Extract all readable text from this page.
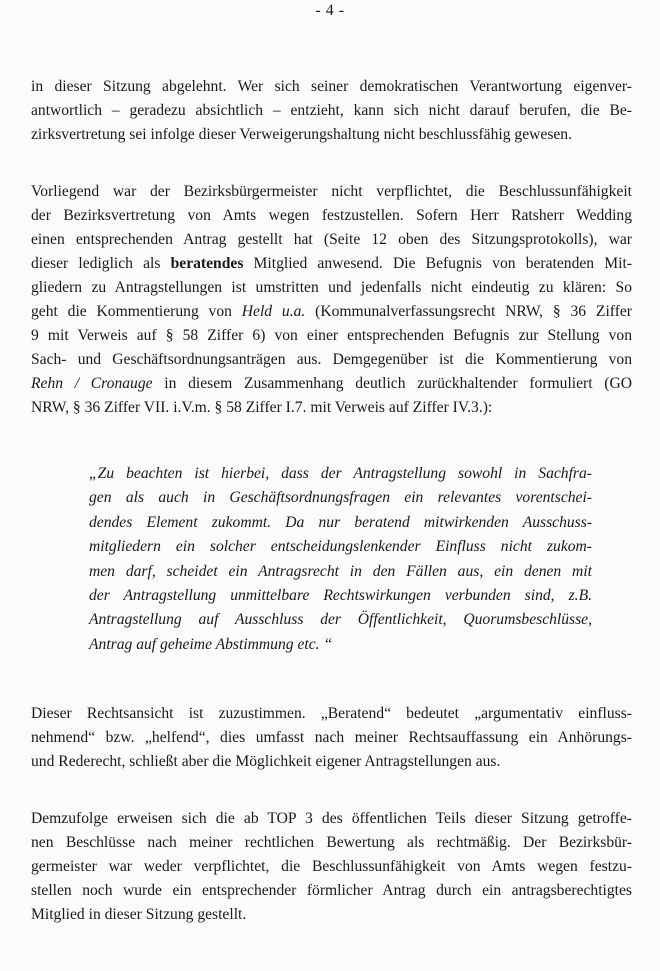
- 4 -
in dieser Sitzung abgelehnt. Wer sich seiner demokratischen Verantwortung eigenver-
antwortlich – geradezu absichtlich – entzieht, kann sich nicht darauf berufen, die Be-
zirksvertretung sei infolge dieser Verweigerungshaltung nicht beschlussfähig gewesen.
Vorliegend war der Bezirksbürgermeister nicht verpflichtet, die Beschlussunfähigkeit
der Bezirksvertretung von Amts wegen festzustellen. Sofern Herr Ratsherr Wedding
einen entsprechenden Antrag gestellt hat (Seite 12 oben des Sitzungsprotokolls), war
dieser lediglich als beratendes Mitglied anwesend. Die Befugnis von beratenden Mit-
gliedern zu Antragstellungen ist umstritten und jedenfalls nicht eindeutig zu klären: So
geht die Kommentierung von Held u.a. (Kommunalverfassungsrecht NRW, § 36 Ziffer
9 mit Verweis auf § 58 Ziffer 6) von einer entsprechenden Befugnis zur Stellung von
Sach- und Geschäftsordnungsanträgen aus. Demgegenüber ist die Kommentierung von
Rehn / Cronauge in diesem Zusammenhang deutlich zurückhaltender formuliert (GO
NRW, § 36 Ziffer VII. i.V.m. § 58 Ziffer I.7. mit Verweis auf Ziffer IV.3.):
„Zu beachten ist hierbei, dass der Antragstellung sowohl in Sachfra-
gen als auch in Geschäftsordnungsfragen ein relevantes vorentschei-
dendes Element zukommt. Da nur beratend mitwirkenden Ausschuss-
mitgliedern ein solcher entscheidungslenkender Einfluss nicht zukom-
men darf, scheidet ein Antragsrecht in den Fällen aus, ein denen mit
der Antragstellung unmittelbare Rechtswirkungen verbunden sind, z.B.
Antragstellung auf Ausschluss der Öffentlichkeit, Quorumsbeschlüsse,
Antrag auf geheime Abstimmung etc. “
Dieser Rechtsansicht ist zuzustimmen. „Beratend“ bedeutet „argumentativ einfluss-
nehmend“ bzw. „helfend“, dies umfasst nach meiner Rechtsauffassung ein Anhörungs-
und Rederecht, schließt aber die Möglichkeit eigener Antragstellungen aus.
Demzufolge erweisen sich die ab TOP 3 des öffentlichen Teils dieser Sitzung getroffe-
nen Beschlüsse nach meiner rechtlichen Bewertung als rechtmäßig. Der Bezirksbür-
germeister war weder verpflichtet, die Beschlussunfähigkeit von Amts wegen festzu-
stellen noch wurde ein entsprechender förmlicher Antrag durch ein antragsberechtigtes
Mitglied in dieser Sitzung gestellt.
